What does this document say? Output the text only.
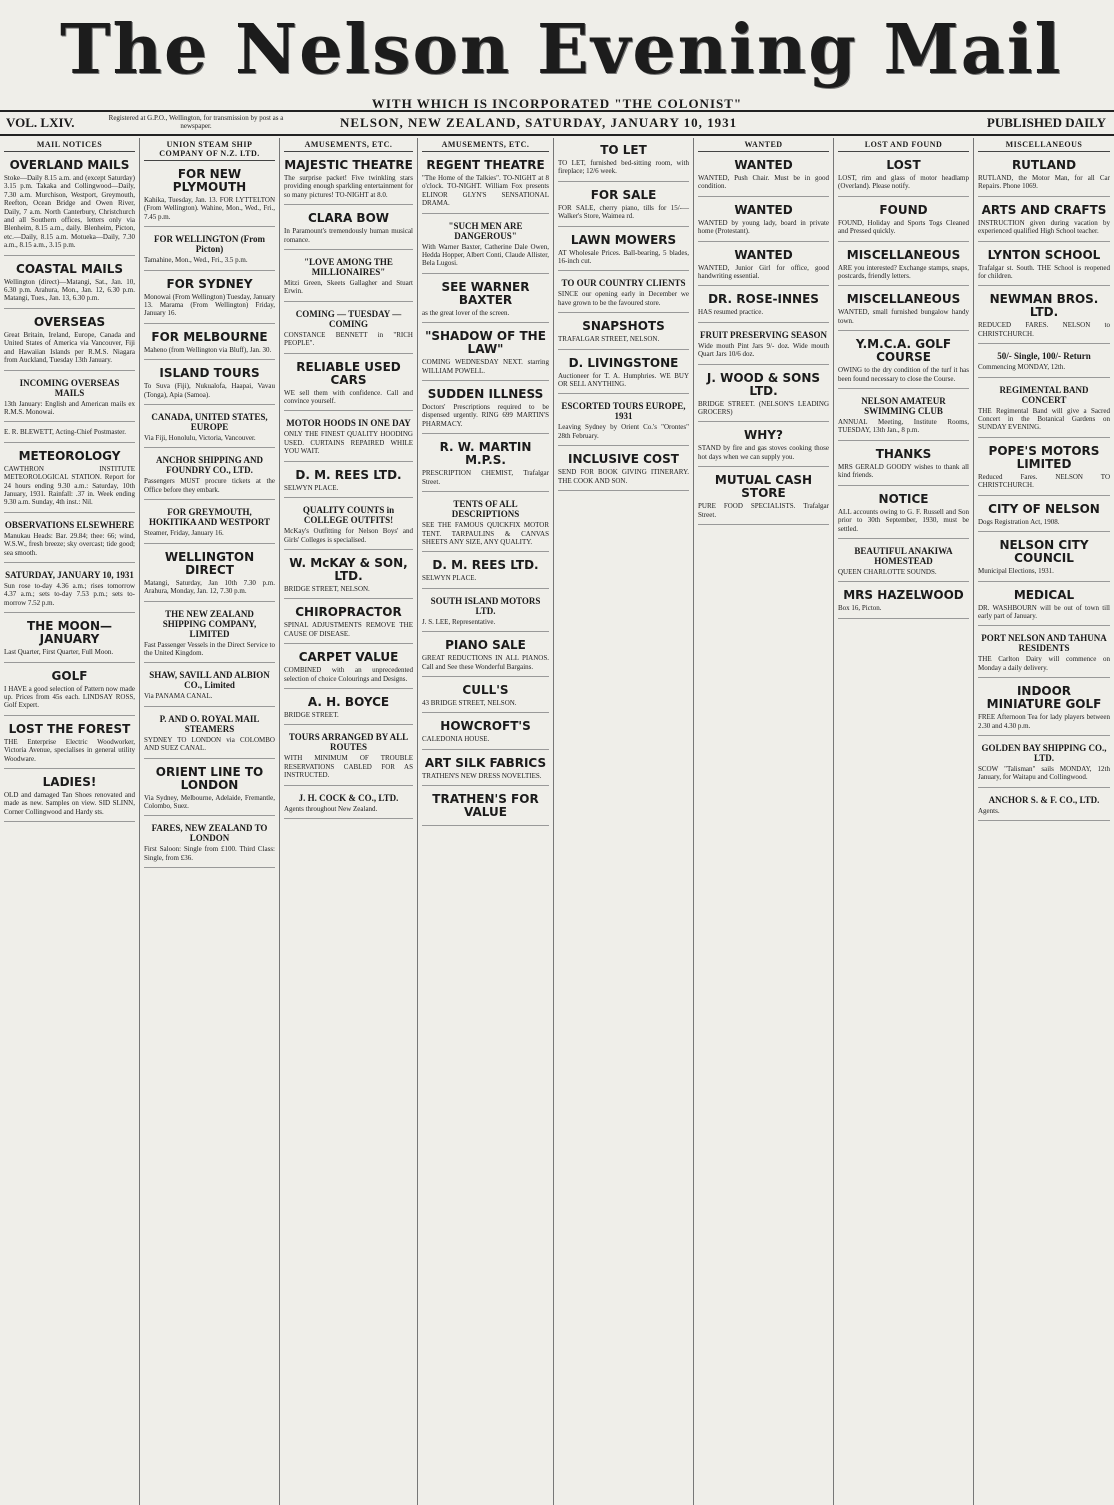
The Nelson Evening Mail
WITH WHICH IS INCORPORATED "THE COLONIST"
VOL. LXIV.	Registered at G.P.O., Wellington, for transmission by post as a newspaper.	NELSON, NEW ZEALAND, SATURDAY, JANUARY 10, 1931	PUBLISHED DAILY
MAIL NOTICES
OVERLAND MAILS

Stoke—Daily 8.15 a.m. and (except Saturday) 3.15 p.m. Takaka and Collingwood—Daily, 7.30 a.m. Murchison, Westport, Greymouth, Reefton, Ocean Bridge and Owen River, Daily, 7 a.m. North Canterbury, Christchurch and all Southern offices, letters only via Blenheim, 8.15 a.m., daily. Blenheim, Picton, etc.—Daily, 8.15 a.m. Motueka—Daily, 7.30 a.m., 8.15 a.m., 3.15 p.m.

COASTAL MAILS

Wellington (direct)—Matangi, Sat., Jan. 10, 6.30 p.m. Arahura, Mon., Jan. 12, 6.30 p.m. Matangi, Tues., Jan. 13, 6.30 p.m.

OVERSEAS

Great Britain, Ireland, Europe, Canada and United States of America via Vancouver, Fiji and Hawaiian Islands per R.M.S. Niagara from Auckland, Tuesday 13th January.

INCOMING OVERSEAS MAILS

13th January: English and American mails ex R.M.S. Monowai.

E. R. BLEWETT, Acting-Chief Postmaster.

METEOROLOGY

CAWTHRON INSTITUTE METEOROLOGICAL STATION. Report for 24 hours ending 9.30 a.m.: Saturday, 10th January, 1931. Rainfall: .37 in. Week ending 9.30 a.m. Sunday, 4th inst.: Nil.

OBSERVATIONS ELSEWHERE

Manukau Heads: Bar. 29.84; thee: 66; wind, W.S.W., fresh breeze; sky overcast; tide good; sea smooth.

SATURDAY, JANUARY 10, 1931

Sun rose to-day 4.36 a.m.; rises tomorrow 4.37 a.m.; sets to-day 7.53 p.m.; sets to-morrow 7.52 p.m.

THE MOON—JANUARY

Last Quarter, First Quarter, Full Moon.

GOLF

I HAVE a good selection of Pattern now made up. Prices from 45s each. LINDSAY ROSS, Golf Expert.

LOST THE FOREST

THE Enterprise Electric Woodworker, Victoria Avenue, specialises in general utility Woodware.

LADIES!

OLD and damaged Tan Shoes renovated and made as new. Samples on view. SID SLINN, Corner Collingwood and Hardy sts.

UNION STEAM SHIP COMPANY OF N.Z. LTD.
FOR NEW PLYMOUTH

Kahika, Tuesday, Jan. 13. FOR LYTTELTON (From Wellington). Wahine, Mon., Wed., Fri., 7.45 p.m.

FOR WELLINGTON (From Picton)

Tamahine, Mon., Wed., Fri., 3.5 p.m.

FOR SYDNEY

Monowai (From Wellington) Tuesday, January 13. Marama (From Wellington) Friday, January 16.

FOR MELBOURNE

Maheno (from Wellington via Bluff), Jan. 30.

ISLAND TOURS

To Suva (Fiji), Nukualofa, Haapai, Vavau (Tonga), Apia (Samoa).

CANADA, UNITED STATES, EUROPE

Via Fiji, Honolulu, Victoria, Vancouver.

ANCHOR SHIPPING AND FOUNDRY CO., LTD.

Passengers MUST procure tickets at the Office before they embark.

FOR GREYMOUTH, HOKITIKA AND WESTPORT

Steamer, Friday, January 16.

WELLINGTON DIRECT

Matangi, Saturday, Jan 10th 7.30 p.m. Arahura, Monday, Jan. 12, 7.30 p.m.

THE NEW ZEALAND SHIPPING COMPANY, LIMITED

Fast Passenger Vessels in the Direct Service to the United Kingdom.

SHAW, SAVILL AND ALBION CO., Limited

Via PANAMA CANAL.

P. AND O. ROYAL MAIL STEAMERS

SYDNEY TO LONDON via COLOMBO AND SUEZ CANAL.

ORIENT LINE TO LONDON

Via Sydney, Melbourne, Adelaide, Fremantle, Colombo, Suez.

FARES, NEW ZEALAND TO LONDON

First Saloon: Single from £100. Third Class: Single, from £36.

AMUSEMENTS, ETC.
MAJESTIC THEATRE

The surprise packet! Five twinkling stars providing enough sparkling entertainment for so many pictures! TO-NIGHT at 8.0.

CLARA BOW

In Paramount's tremendously human musical romance.

"LOVE AMONG THE MILLIONAIRES"

Mitzi Green, Skeets Gallagher and Stuart Erwin.

COMING — TUESDAY — COMING

CONSTANCE BENNETT in "RICH PEOPLE".

RELIABLE USED CARS

WE sell them with confidence. Call and convince yourself.

MOTOR HOODS IN ONE DAY

ONLY THE FINEST QUALITY HOODING USED. CURTAINS REPAIRED WHILE YOU WAIT.

D. M. REES LTD.

SELWYN PLACE.

QUALITY COUNTS in COLLEGE OUTFITS!

McKay's Outfitting for Nelson Boys' and Girls' Colleges is specialised.

W. McKAY & SON, LTD.

BRIDGE STREET, NELSON.

CHIROPRACTOR

SPINAL ADJUSTMENTS REMOVE THE CAUSE OF DISEASE.

CARPET VALUE

COMBINED with an unprecedented selection of choice Colourings and Designs.

A. H. BOYCE

BRIDGE STREET.

TOURS ARRANGED BY ALL ROUTES

WITH MINIMUM OF TROUBLE RESERVATIONS CABLED FOR AS INSTRUCTED.

J. H. COCK & CO., LTD.

Agents throughout New Zealand.

AMUSEMENTS, ETC.
REGENT THEATRE

"The Home of the Talkies". TO-NIGHT at 8 o'clock. TO-NIGHT. William Fox presents ELINOR GLYN'S SENSATIONAL DRAMA.

"SUCH MEN ARE DANGEROUS"

With Warner Baxter, Catherine Dale Owen, Hedda Hopper, Albert Conti, Claude Allister, Bela Lugosi.

SEE WARNER BAXTER

as the great lover of the screen.

"SHADOW OF THE LAW"

COMING WEDNESDAY NEXT. starring WILLIAM POWELL.

SUDDEN ILLNESS

Doctors' Prescriptions required to be dispensed urgently. RING 699 MARTIN'S PHARMACY.

R. W. MARTIN M.P.S.

PRESCRIPTION CHEMIST, Trafalgar Street.

TENTS OF ALL DESCRIPTIONS

SEE THE FAMOUS QUICKFIX MOTOR TENT. TARPAULINS & CANVAS SHEETS ANY SIZE, ANY QUALITY.

D. M. REES LTD.

SELWYN PLACE.

SOUTH ISLAND MOTORS LTD.

J. S. LEE, Representative.

PIANO SALE

GREAT REDUCTIONS IN ALL PIANOS. Call and See these Wonderful Bargains.

CULL'S

43 BRIDGE STREET, NELSON.

HOWCROFT'S

CALEDONIA HOUSE.

ART SILK FABRICS

TRATHEN'S NEW DRESS NOVELTIES.

TRATHEN'S FOR VALUE
TO LET

TO LET, furnished bed-sitting room, with fireplace; 12/6 week.

FOR SALE

FOR SALE, cherry piano, tills for 15/-—Walker's Store, Waimea rd.

LAWN MOWERS

AT Wholesale Prices. Ball-bearing, 5 blades, 16-inch cut.

TO OUR COUNTRY CLIENTS

SINCE our opening early in December we have grown to be the favoured store.

SNAPSHOTS

TRAFALGAR STREET, NELSON.

D. LIVINGSTONE

Auctioneer for T. A. Humphries. WE BUY OR SELL ANYTHING.

ESCORTED TOURS EUROPE, 1931

Leaving Sydney by Orient Co.'s "Orontes" 28th February.

INCLUSIVE COST

SEND FOR BOOK GIVING ITINERARY. THE COOK AND SON.

WANTED
WANTED

WANTED, Push Chair. Must be in good condition.

WANTED

WANTED by young lady, board in private home (Protestant).

WANTED

WANTED, Junior Girl for office, good handwriting essential.

DR. ROSE-INNES

HAS resumed practice.

FRUIT PRESERVING SEASON

Wide mouth Pint Jars 9/- doz. Wide mouth Quart Jars 10/6 doz.

J. WOOD & SONS LTD.

BRIDGE STREET. (NELSON'S LEADING GROCERS)

WHY?

STAND by fire and gas stoves cooking those hot days when we can supply you.

MUTUAL CASH STORE

PURE FOOD SPECIALISTS. Trafalgar Street.

LOST AND FOUND
LOST

LOST, rim and glass of motor headlamp (Overland). Please notify.

FOUND

FOUND, Holiday and Sports Togs Cleaned and Pressed quickly.

MISCELLANEOUS

ARE you interested? Exchange stamps, snaps, postcards, friendly letters.

MISCELLANEOUS

WANTED, small furnished bungalow handy town.

Y.M.C.A. GOLF COURSE

OWING to the dry condition of the turf it has been found necessary to close the Course.

NELSON AMATEUR SWIMMING CLUB

ANNUAL Meeting, Institute Rooms, TUESDAY, 13th Jan., 8 p.m.

THANKS

MRS GERALD GOODY wishes to thank all kind friends.

NOTICE

ALL accounts owing to G. F. Russell and Son prior to 30th September, 1930, must be settled.

BEAUTIFUL ANAKIWA HOMESTEAD

QUEEN CHARLOTTE SOUNDS.

MRS HAZELWOOD

Box 16, Picton.

MISCELLANEOUS
RUTLAND

RUTLAND, the Motor Man, for all Car Repairs. Phone 1069.

ARTS AND CRAFTS

INSTRUCTION given during vacation by experienced qualified High School teacher.

LYNTON SCHOOL

Trafalgar st. South. THE School is reopened for children.

NEWMAN BROS. LTD.

REDUCED FARES. NELSON to CHRISTCHURCH.

50/- Single, 100/- Return

Commencing MONDAY, 12th.

REGIMENTAL BAND CONCERT

THE Regimental Band will give a Sacred Concert in the Botanical Gardens on SUNDAY EVENING.

POPE'S MOTORS LIMITED

Reduced Fares. NELSON TO CHRISTCHURCH.

CITY OF NELSON

Dogs Registration Act, 1908.

NELSON CITY COUNCIL

Municipal Elections, 1931.

MEDICAL

DR. WASHBOURN will be out of town till early part of January.

PORT NELSON AND TAHUNA RESIDENTS

THE Carlton Dairy will commence on Monday a daily delivery.

INDOOR MINIATURE GOLF

FREE Afternoon Tea for lady players between 2.30 and 4.30 p.m.

GOLDEN BAY SHIPPING CO., LTD.

SCOW "Talisman" sails MONDAY, 12th January, for Waitapu and Collingwood.

ANCHOR S. & F. CO., LTD.

Agents.
